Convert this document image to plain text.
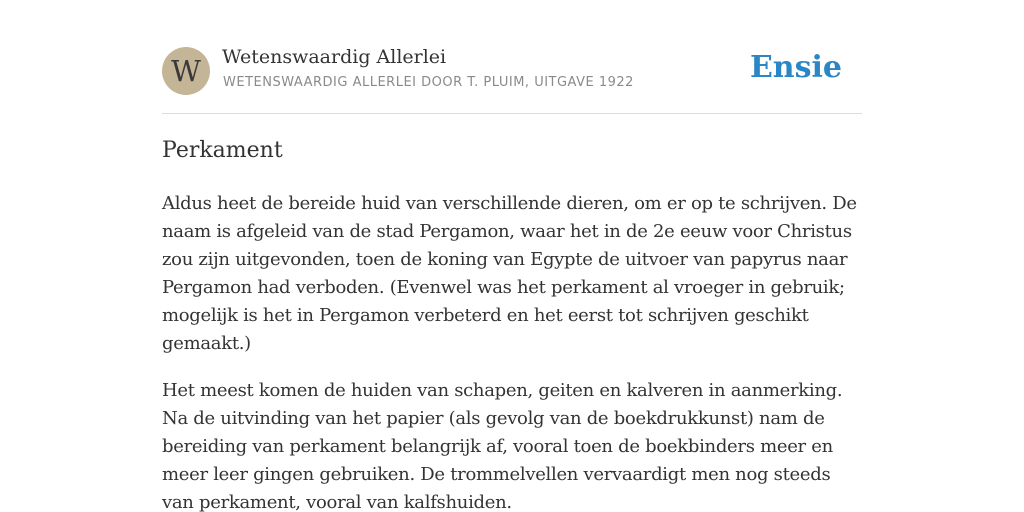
W	Wetenswaardig Allerlei
WETENSWAARDIG ALLERLEI DOOR T. PLUIM, UITGAVE 1922	Ensie
Perkament

Aldus heet de bereide huid van verschillende dieren, om er op te schrijven. De naam is afgeleid van de stad Pergamon, waar het in de 2e eeuw voor Christus zou zijn uitgevonden, toen de koning van Egypte de uitvoer van papyrus naar Pergamon had verboden. (Evenwel was het perkament al vroeger in gebruik; mogelijk is het in Pergamon verbeterd en het eerst tot schrijven geschikt gemaakt.)

Het meest komen de huiden van schapen, geiten en kalveren in aanmerking. Na de uitvinding van het papier (als gevolg van de boekdrukkunst) nam de bereiding van perkament belangrijk af, vooral toen de boekbinders meer en meer leer gingen gebruiken. De trommelvellen vervaardigt men nog steeds van perkament, vooral van kalfshuiden.
